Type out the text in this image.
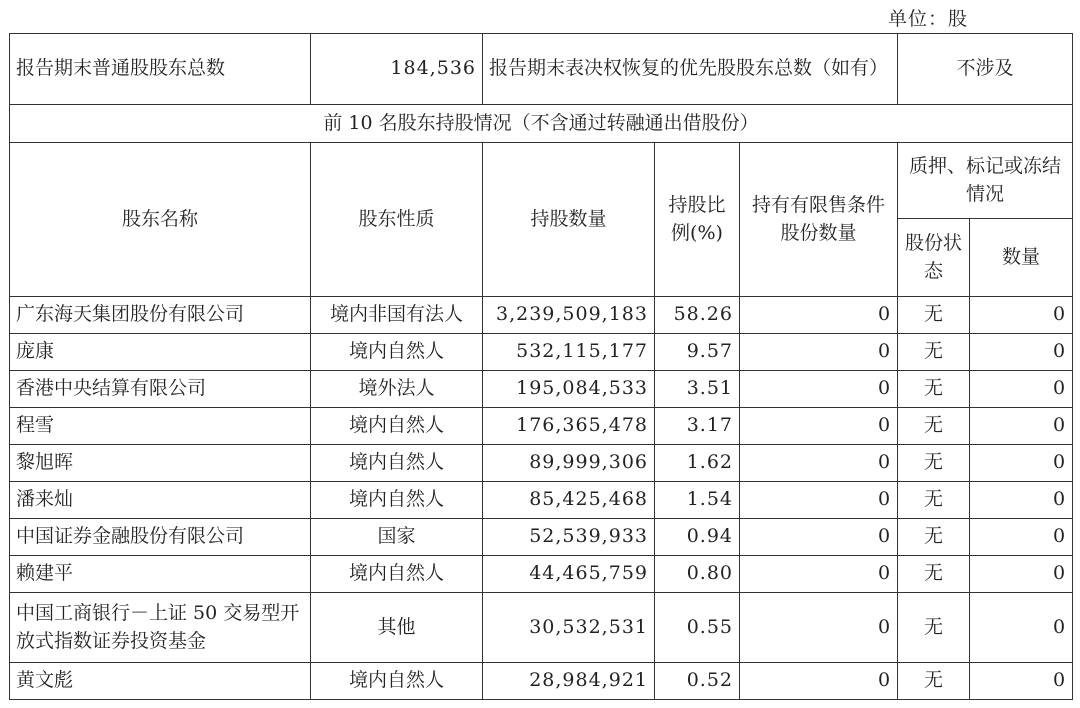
单位：股
报告期末普通股股东总数	184,536	报告期末表决权恢复的优先股股东总数（如有）			不涉及	
前 10 名股东持股情况（不含通过转融通出借股份）						
股东名称	股东性质	持股数量	持股比例(%)	持有有限售条件股份数量	质押、标记或冻结情况	
					股份状态	数量
广东海天集团股份有限公司	境内非国有法人	3,239,509,183	58.26	0	无	0
庞康	境内自然人	532,115,177	9.57	0	无	0
香港中央结算有限公司	境外法人	195,084,533	3.51	0	无	0
程雪	境内自然人	176,365,478	3.17	0	无	0
黎旭晖	境内自然人	89,999,306	1.62	0	无	0
潘来灿	境内自然人	85,425,468	1.54	0	无	0
中国证券金融股份有限公司	国家	52,539,933	0.94	0	无	0
赖建平	境内自然人	44,465,759	0.80	0	无	0
中国工商银行－上证 50 交易型开放式指数证券投资基金	其他	30,532,531	0.55	0	无	0
黄文彪	境内自然人	28,984,921	0.52	0	无	0
